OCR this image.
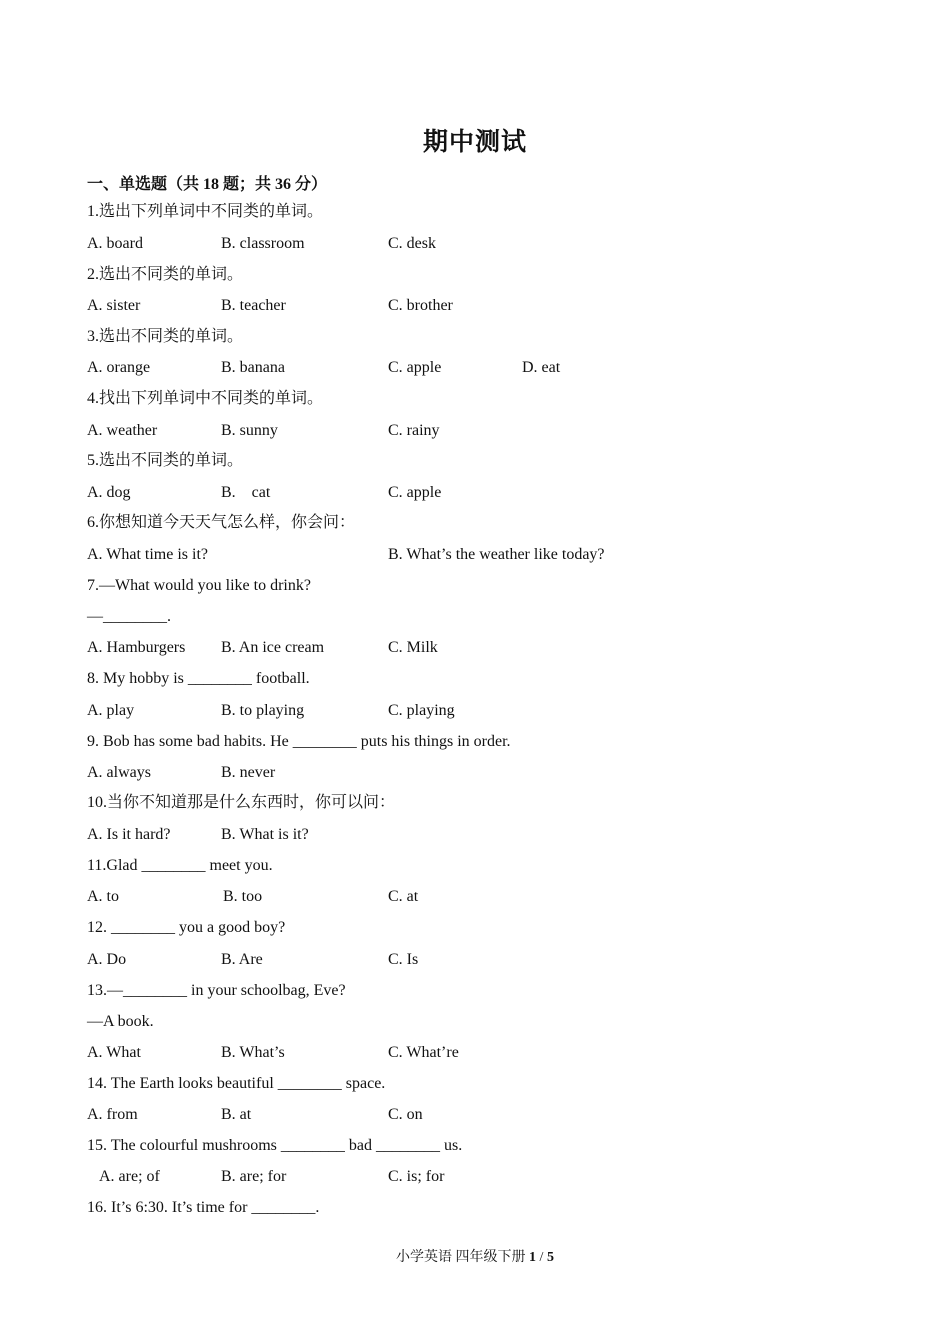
期中测试
一、单选题（共 18 题；共 36 分）
1.选出下列单词中不同类的单词。
A. board	B. classroom	C. desk
2.选出不同类的单词。
A. sister	B. teacher	C. brother
3.选出不同类的单词。
A. orange	B. banana	C. apple	D. eat
4.找出下列单词中不同类的单词。
A. weather	B. sunny	C. rainy
5.选出不同类的单词。
A. dog	B.    cat	C. apple
6.你想知道今天天气怎么样，你会问：
A. What time is it?	B. What’s the weather like today?
7.—What would you like to drink?
—________.
A. Hamburgers B. An ice cream	C. Milk
8. My hobby is ________ football.
A. play	B. to playing	C. playing
9. Bob has some bad habits. He ________ puts his things in order.
A. always	B. never
10.当你不知道那是什么东西时，你可以问：
A. Is it hard?	B. What is it?
11.Glad ________ meet you.
A. to	B. too	C. at
12. ________ you a good boy?
A. Do	B. Are	C. Is
13.—________ in your schoolbag, Eve?
—A book.
A. What	B. What’s	C. What’re
14. The Earth looks beautiful ________ space.
A. from	B. at	C. on
15. The colourful mushrooms ________ bad ________ us.
A. are; of	B. are; for	C. is; for
16. It’s 6:30. It’s time for ________.
小学英语 四年级下册 1 / 5
